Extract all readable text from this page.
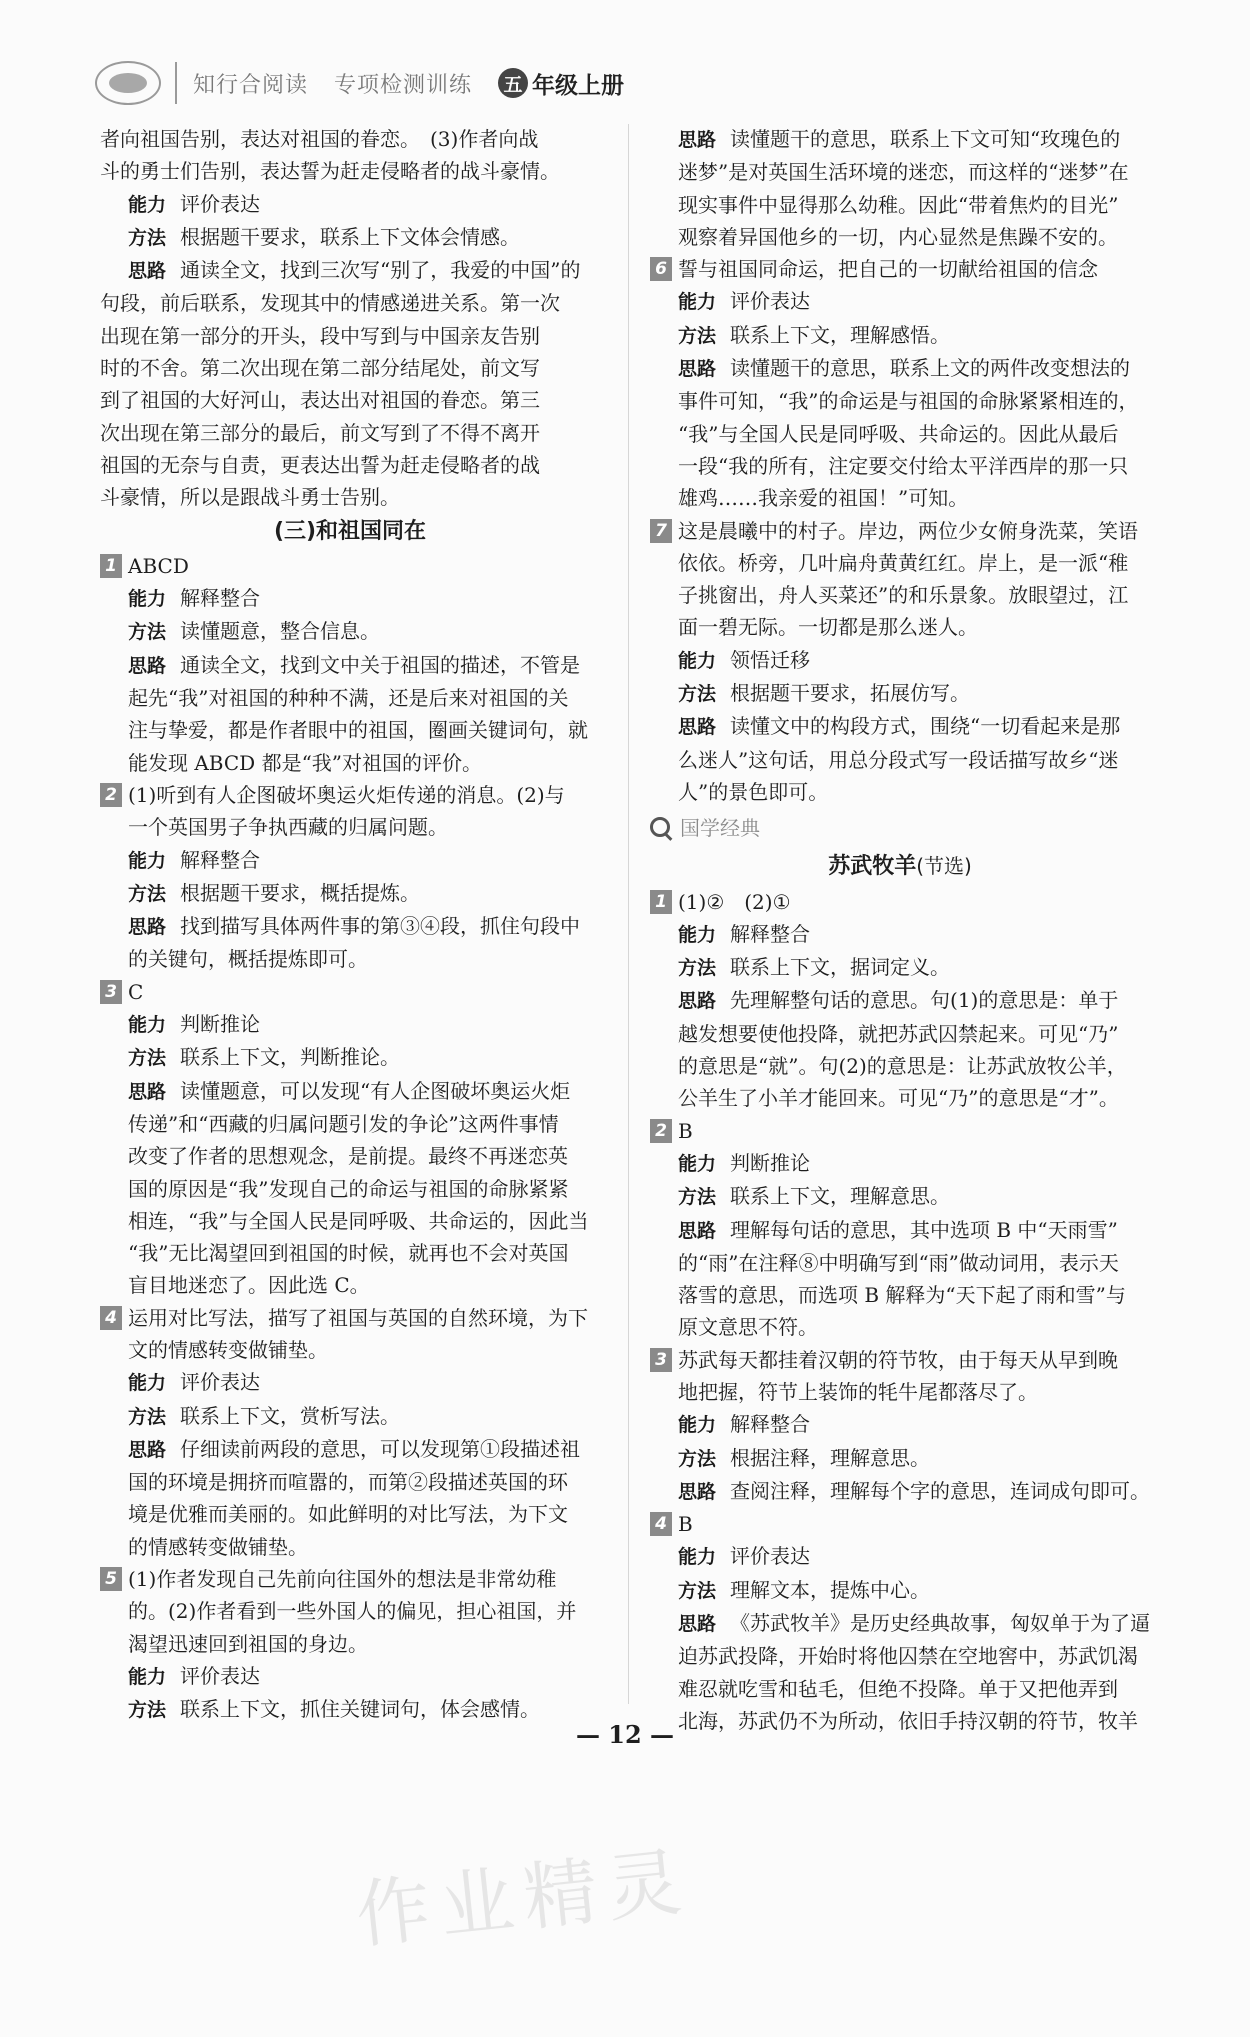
知行合阅读 专项检测训练 五 年级上册

者向祖国告别，表达对祖国的眷恋。　(3)作者向战

斗的勇士们告别，表达誓为赶走侵略者的战斗豪情。

能力 评价表达

方法 根据题干要求，联系上下文体会情感。

思路 通读全文，找到三次写“别了，我爱的中国”的

句段，前后联系，发现其中的情感递进关系。第一次

出现在第一部分的开头，段中写到与中国亲友告别

时的不舍。第二次出现在第二部分结尾处，前文写

到了祖国的大好河山，表达出对祖国的眷恋。第三

次出现在第三部分的最后，前文写到了不得不离开

祖国的无奈与自责，更表达出誓为赶走侵略者的战

斗豪情，所以是跟战斗勇士告别。

(三)和祖国同在
1 ABCD

能力 解释整合

方法 读懂题意，整合信息。

思路 通读全文，找到文中关于祖国的描述，不管是

起先“我”对祖国的种种不满，还是后来对祖国的关

注与挚爱，都是作者眼中的祖国，圈画关键词句，就

能发现 ABCD 都是“我”对祖国的评价。

2 (1)听到有人企图破坏奥运火炬传递的消息。(2)与
一个英国男子争执西藏的归属问题。

能力 解释整合

方法 根据题干要求，概括提炼。

思路 找到描写具体两件事的第③④段，抓住句段中

的关键句，概括提炼即可。

3 C

能力 判断推论

方法 联系上下文，判断推论。

思路 读懂题意，可以发现“有人企图破坏奥运火炬

传递”和“西藏的归属问题引发的争论”这两件事情

改变了作者的思想观念，是前提。最终不再迷恋英

国的原因是“我”发现自己的命运与祖国的命脉紧紧

相连，“我”与全国人民是同呼吸、共命运的，因此当

“我”无比渴望回到祖国的时候，就再也不会对英国

盲目地迷恋了。因此选 C。

4 运用对比写法，描写了祖国与英国的自然环境，为下
文的情感转变做铺垫。

能力 评价表达

方法 联系上下文，赏析写法。

思路 仔细读前两段的意思，可以发现第①段描述祖

国的环境是拥挤而喧嚣的，而第②段描述英国的环

境是优雅而美丽的。如此鲜明的对比写法，为下文

的情感转变做铺垫。

5 (1)作者发现自己先前向往国外的想法是非常幼稚
的。(2)作者看到一些外国人的偏见，担心祖国，并
渴望迅速回到祖国的身边。

能力 评价表达

方法 联系上下文，抓住关键词句，体会感情。

思路 读懂题干的意思，联系上下文可知“玫瑰色的

迷梦”是对英国生活环境的迷恋，而这样的“迷梦”在

现实事件中显得那么幼稚。因此“带着焦灼的目光”

观察着异国他乡的一切，内心显然是焦躁不安的。

6 誓与祖国同命运，把自己的一切献给祖国的信念

能力 评价表达

方法 联系上下文，理解感悟。

思路 读懂题干的意思，联系上文的两件改变想法的

事件可知，“我”的命运是与祖国的命脉紧紧相连的，

“我”与全国人民是同呼吸、共命运的。因此从最后

一段“我的所有，注定要交付给太平洋西岸的那一只

雄鸡……我亲爱的祖国！”可知。

7 这是晨曦中的村子。岸边，两位少女俯身洗菜，笑语
依依。桥旁，几叶扁舟黄黄红红。岸上，是一派“稚
子挑窗出，舟人买菜还”的和乐景象。放眼望过，江
面一碧无际。一切都是那么迷人。

能力 领悟迁移

方法 根据题干要求，拓展仿写。

思路 读懂文中的构段方式，围绕“一切看起来是那

么迷人”这句话，用总分段式写一段话描写故乡“迷

人”的景色即可。

国学经典
苏武牧羊(节选)
1 (1)②　(2)①

能力 解释整合

方法 联系上下文，据词定义。

思路 先理解整句话的意思。句(1)的意思是：单于

越发想要使他投降，就把苏武囚禁起来。可见“乃”

的意思是“就”。句(2)的意思是：让苏武放牧公羊，

公羊生了小羊才能回来。可见“乃”的意思是“才”。

2 B

能力 判断推论

方法 联系上下文，理解意思。

思路 理解每句话的意思，其中选项 B 中“天雨雪”

的“雨”在注释⑧中明确写到“雨”做动词用，表示天

落雪的意思，而选项 B 解释为“天下起了雨和雪”与

原文意思不符。

3 苏武每天都挂着汉朝的符节牧，由于每天从早到晚
地把握，符节上装饰的牦牛尾都落尽了。

能力 解释整合

方法 根据注释，理解意思。

思路 查阅注释，理解每个字的意思，连词成句即可。

4 B

能力 评价表达

方法 理解文本，提炼中心。

思路 《苏武牧羊》是历史经典故事，匈奴单于为了逼

迫苏武投降，开始时将他囚禁在空地窖中，苏武饥渴

难忍就吃雪和毡毛，但绝不投降。单于又把他弄到

北海，苏武仍不为所动，依旧手持汉朝的符节，牧羊

— 12 —
作业精灵
